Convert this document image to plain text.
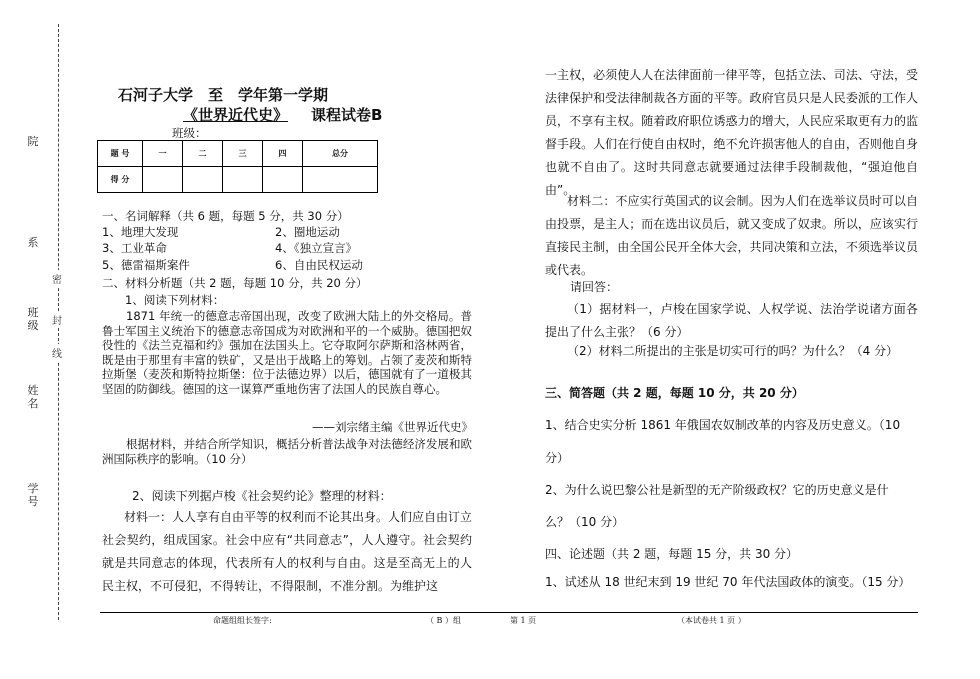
院
系
班级
姓名
学号
密
封
线
石河子大学　至　学年第一学期
《世界近代史》 课程试卷B
班级：
题 号	一	二	三	四	总分
得 分					
一、名词解释（共 6 题，每题 5 分，共 30 分）
1、地理大发现	2、圈地运动
3、工业革命	4、《独立宣言》
5、德雷福斯案件	6、自由民权运动
二、材料分析题（共 2 题，每题 10 分，共 20 分）
1、阅读下列材料：
1871 年统一的德意志帝国出现，改变了欧洲大陆上的外交格局。普鲁士军国主义统治下的德意志帝国成为对欧洲和平的一个威胁。德国把奴役性的《法兰克福和约》强加在法国头上。它夺取阿尔萨斯和洛林两省，既是由于那里有丰富的铁矿，又是出于战略上的筹划。占领了麦茨和斯特拉斯堡（麦茨和斯特拉斯堡：位于法德边界）以后，德国就有了一道极其坚固的防御线。德国的这一谋算严重地伤害了法国人的民族自尊心。
——刘宗绪主编《世界近代史》
根据材料，并结合所学知识，概括分析普法战争对法德经济发展和欧洲国际秩序的影响。（10 分）
2、阅读下列据卢梭《社会契约论》整理的材料：
材料一：人人享有自由平等的权利而不论其出身。人们应自由订立社会契约，组成国家。社会中应有“共同意志”，人人遵守。社会契约就是共同意志的体现，代表所有人的权利与自由。这是至高无上的人民主权，不可侵犯，不得转让，不得限制，不准分割。为维护这
一主权，必须使人人在法律面前一律平等，包括立法、司法、守法，受法律保护和受法律制裁各方面的平等。政府官员只是人民委派的工作人员，不享有主权。随着政府职位诱惑力的增大，人民应采取更有力的监督手段。人们在行使自由权时，绝不允许损害他人的自由，否则他自身也就不自由了。这时共同意志就要通过法律手段制裁他，“强迫他自由”。
材料二：不应实行英国式的议会制。因为人们在选举议员时可以自由投票，是主人；而在选出议员后，就又变成了奴隶。所以，应该实行直接民主制，由全国公民开全体大会，共同决策和立法，不须选举议员或代表。
请回答：
（1）据材料一，卢梭在国家学说、人权学说、法治学说诸方面各提出了什么主张？（6 分）
（2）材料二所提出的主张是切实可行的吗？为什么？（4 分）
三、简答题（共 2 题，每题 10 分，共 20 分）
1、结合史实分析 1861 年俄国农奴制改革的内容及历史意义。（10
分）
2、为什么说巴黎公社是新型的无产阶级政权？它的历史意义是什
么？（10 分）
四、论述题（共 2 题，每题 15 分，共 30 分）
1、试述从 18 世纪末到 19 世纪 70 年代法国政体的演变。（15 分）
命题组组长签字:	（ B ）组	第 1 页	（本试卷共 1 页 ）
